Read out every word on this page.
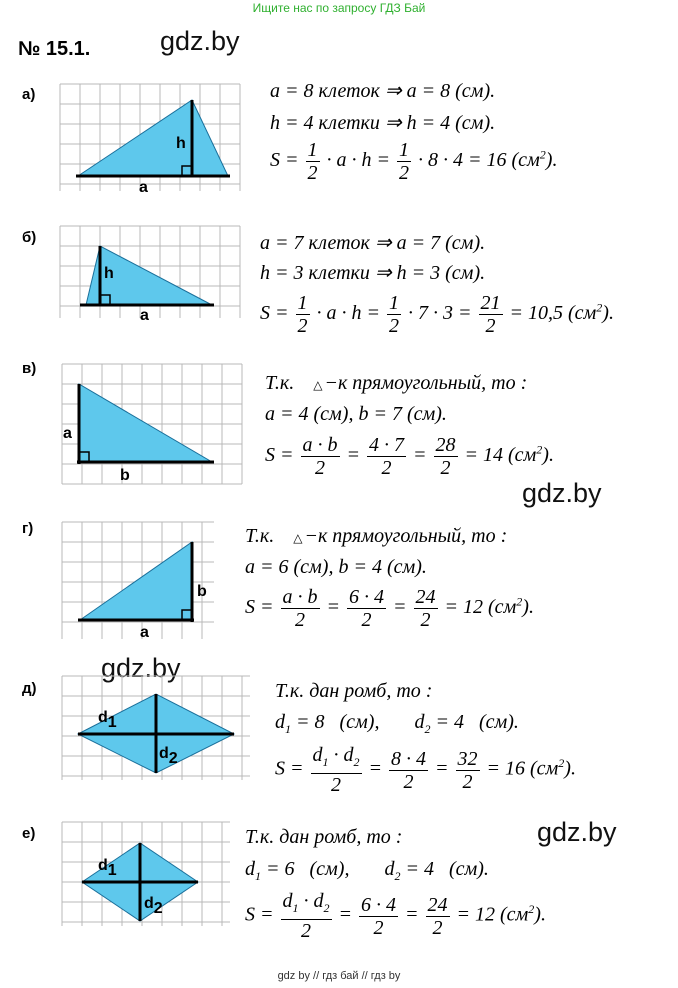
Ищите нас по запросу ГДЗ Бай
№ 15.1.	gdz.by
gdz.by
gdz.by
gdz.by
а)
h
a
a = 8 клеток ⇒ a = 8 (см).
h = 4 клетки ⇒ h = 4 (см).
$S = \frac{1}{2} \cdot a \cdot h = \frac{1}{2} \cdot 8 \cdot 4 = 16$ $(см^2)$.
б)
h
a
a = 7 клеток ⇒ a = 7 (см).
h = 3 клетки ⇒ h = 3 (см).
$S = \frac{1}{2} \cdot a \cdot h = \frac{1}{2} \cdot 7 \cdot 3 = \frac{21}{2} = 10,5$ $(см^2)$.
в)
a
b
Т.к. △ −к прямоугольный, то :
a = 4 (см), b = 7 (см).
$S = \frac{a \cdot b}{2} = \frac{4 \cdot 7}{2} = \frac{28}{2} = 14$ $(см^2)$.
г)
b
a
Т.к. △ −к прямоугольный, то :
a = 6 (см), b = 4 (см).
$S = \frac{a \cdot b}{2} = \frac{6 \cdot 4}{2} = \frac{24}{2} = 12$ $(см^2)$.
д)
d1
d2
Т.к. дан ромб, то :
$d_1 = 8$   (см),       $d_2 = 4$   (см).
$S = \frac{d_1 \cdot d_2}{2} = \frac{8 \cdot 4}{2} = \frac{32}{2} = 16$ $(см^2)$.
е)
d1
d2
Т.к. дан ромб, то :
$d_1 = 6$   (см),       $d_2 = 4$   (см).
$S = \frac{d_1 \cdot d_2}{2} = \frac{6 \cdot 4}{2} = \frac{24}{2} = 12$ $(см^2)$.
gdz by // гдз бай // гдз by
